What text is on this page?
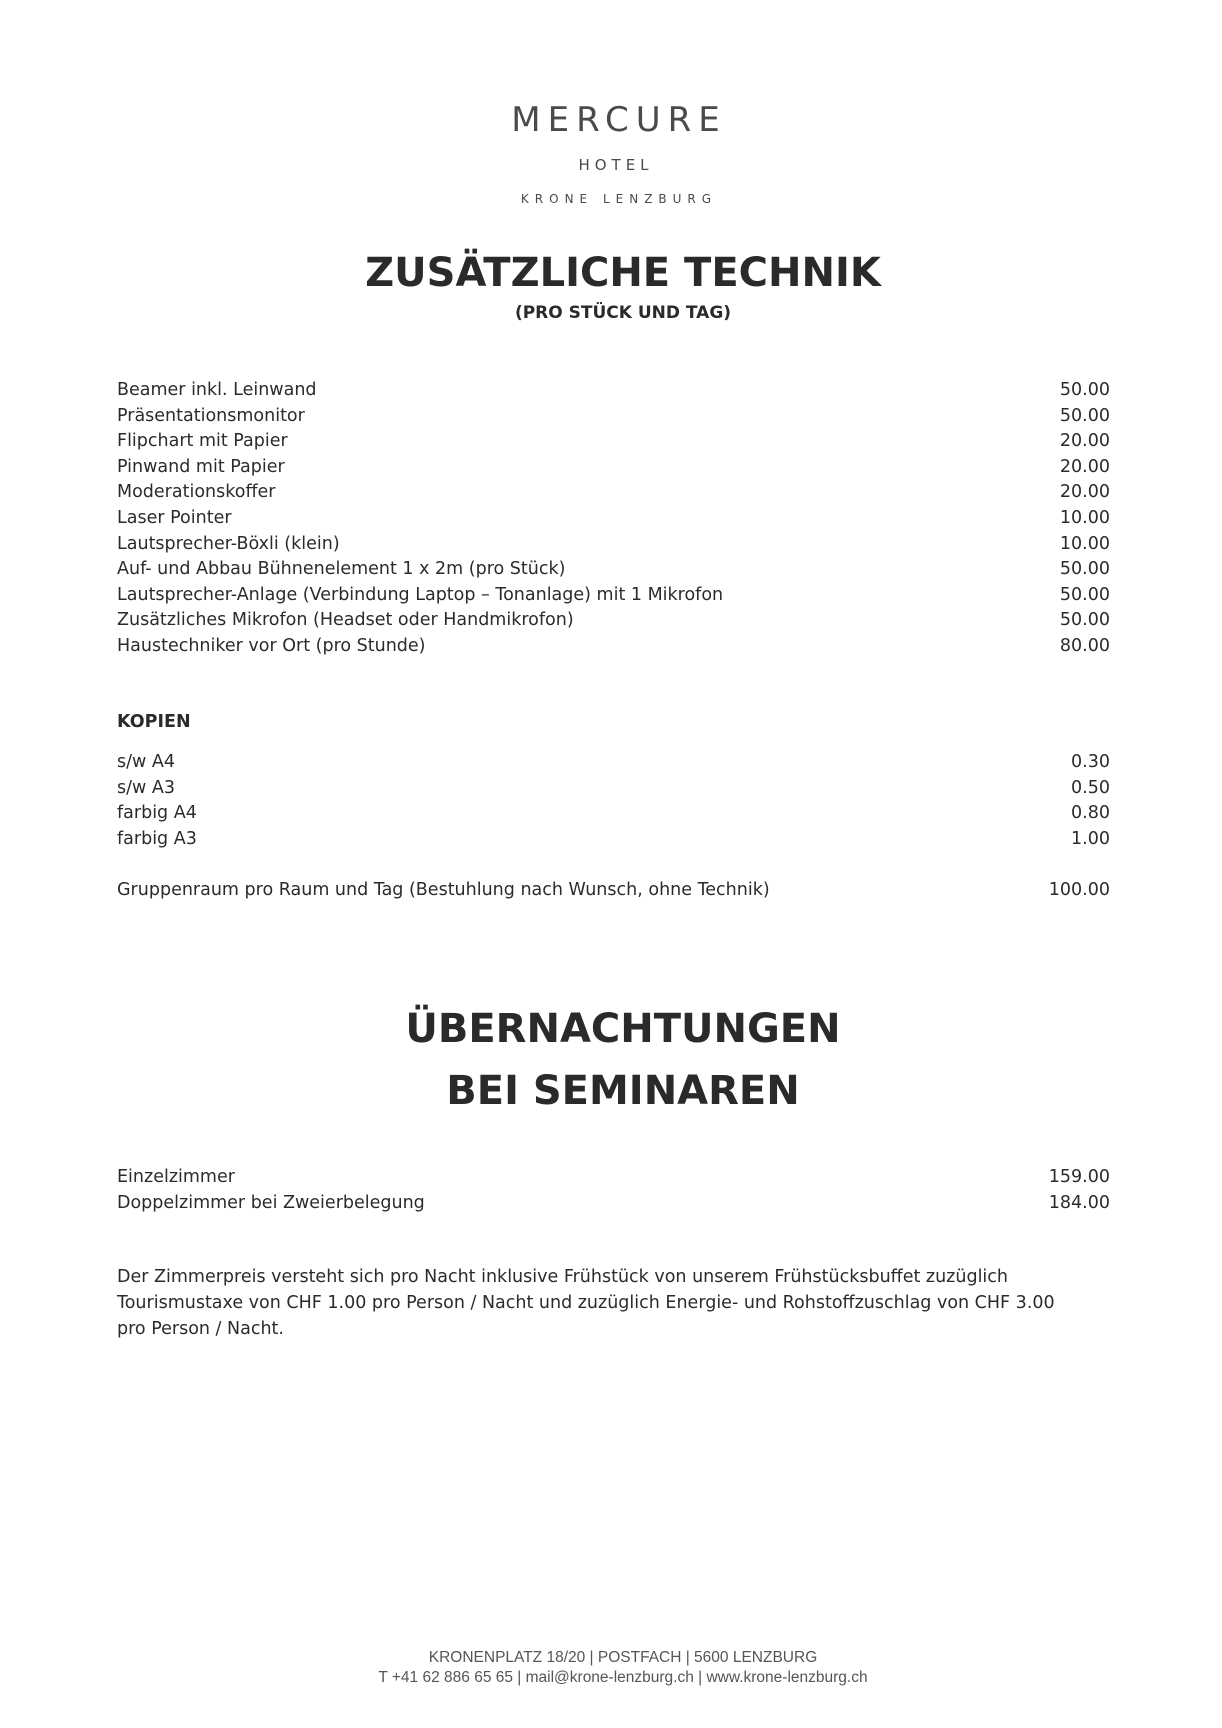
MERCURE
HOTEL
KRONE LENZBURG
ZUSÄTZLICHE TECHNIK
(PRO STÜCK UND TAG)
Beamer inkl. Leinwand	50.00
Präsentationsmonitor	50.00
Flipchart mit Papier	20.00
Pinwand mit Papier	20.00
Moderationskoffer	20.00
Laser Pointer	10.00
Lautsprecher-Böxli (klein)	10.00
Auf- und Abbau Bühnenelement 1 x 2m (pro Stück)	50.00
Lautsprecher-Anlage (Verbindung Laptop – Tonanlage) mit 1 Mikrofon	50.00
Zusätzliches Mikrofon (Headset oder Handmikrofon)	50.00
Haustechniker vor Ort (pro Stunde)	80.00
KOPIEN
s/w A4	0.30
s/w A3	0.50
farbig A4	0.80
farbig A3	1.00
Gruppenraum pro Raum und Tag (Bestuhlung nach Wunsch, ohne Technik)	100.00
ÜBERNACHTUNGEN
BEI SEMINAREN
Einzelzimmer	159.00
Doppelzimmer bei Zweierbelegung	184.00
Der Zimmerpreis versteht sich pro Nacht inklusive Frühstück von unserem Frühstücksbuffet zuzüglich Tourismustaxe von CHF 1.00 pro Person / Nacht und zuzüglich Energie- und Rohstoffzuschlag von CHF 3.00 pro Person / Nacht.
KRONENPLATZ 18/20 | POSTFACH | 5600 LENZBURG
T +41 62 886 65 65 | mail@krone-lenzburg.ch | www.krone-lenzburg.ch
